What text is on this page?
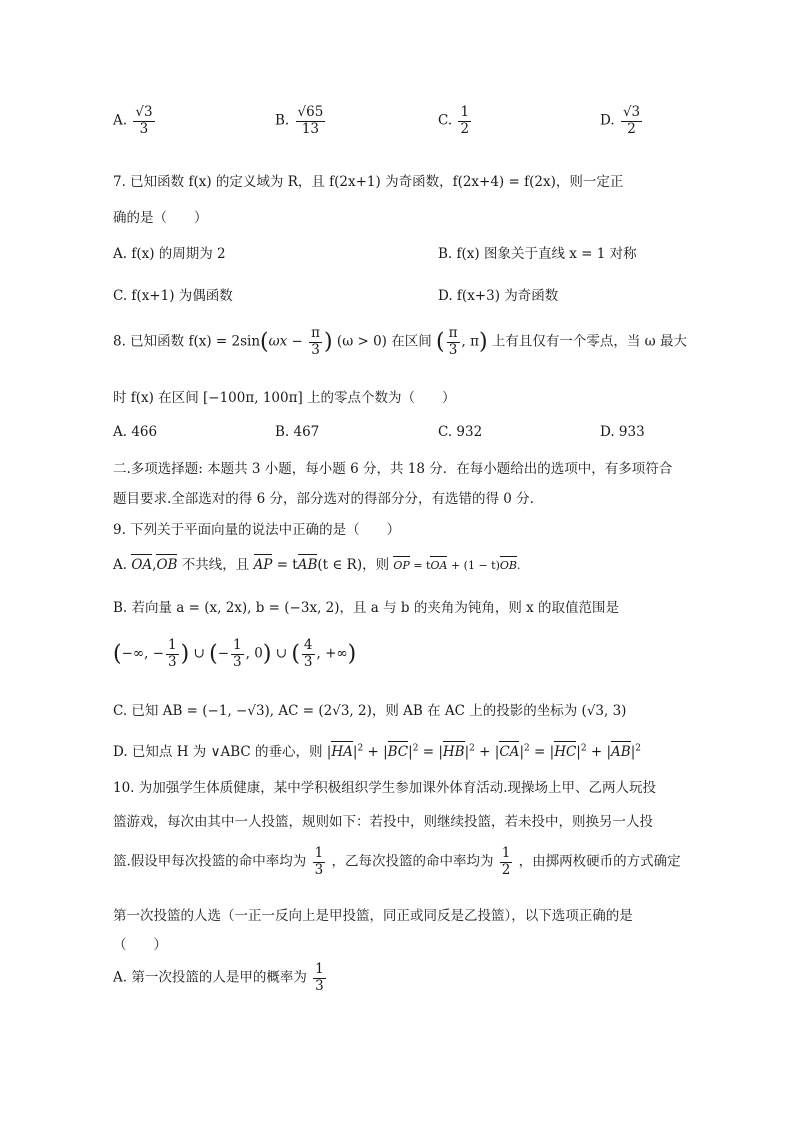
A. $\frac{√3}{3}$	B. $\frac{√65}{13}$	C. $\frac{1}{2}$	D. $\frac{√3}{2}$
7. 已知函数 f(x) 的定义域为 R，且 f(2x+1) 为奇函数，f(2x+4) = f(2x)，则一定正
确的是（　　）
A. f(x) 的周期为 2	B. f(x) 图象关于直线 x = 1 对称
C. f(x+1) 为偶函数	D. f(x+3) 为奇函数
8. 已知函数 $f(x) = 2\sin(\omega x - \frac{\pi}{3}$ ) (ω > 0) 在区间 ( $\frac{\pi}{3}$ , π) 上有且仅有一个零点，当 ω 最大
时 f(x) 在区间 [−100π, 100π] 上的零点个数为（　　）
A. 466	B. 467	C. 932	D. 933
二.多项选择题: 本题共 3 小题，每小题 6 分，共 18 分．在每小题给出的选项中，有多项符合
题目要求.全部选对的得 6 分，部分选对的得部分分，有选错的得 0 分.
9. 下列关于平面向量的说法中正确的是（　　）
A. OA,OB 不共线，且 AP = tAB(t ∈ R)，则 OP = tOA + (1 − t)OB.
B. 若向量 a = (x, 2x), b = (−3x, 2)，且 a 与 b 的夹角为钝角，则 x 的取值范围是
(−∞, − $\frac{1}{3}$ ) ∪ (− $\frac{1}{3}$ , 0) ∪ ( $\frac{4}{3}$ , +∞)
C. 已知 AB = (−1, −√3), AC = (2√3, 2)，则 AB 在 AC 上的投影的坐标为 (√3, 3)
D. 已知点 H 为 ∨ABC 的垂心，则 $|HA|^2 + |BC|^2 = |HB|^2 + |CA|^2 = |HC|^2 + |AB|^2$
10. 为加强学生体质健康，某中学积极组织学生参加课外体育活动.现操场上甲、乙两人玩投
篮游戏，每次由其中一人投篮，规则如下：若投中，则继续投篮，若未投中，则换另一人投
篮.假设甲每次投篮的命中率均为 $\frac{1}{3}$ ，乙每次投篮的命中率均为 $\frac{1}{2}$ ，由掷两枚硬币的方式确定
第一次投篮的人选（一正一反向上是甲投篮，同正或同反是乙投篮），以下选项正确的是
（　　）
A. 第一次投篮的人是甲的概率为 $\frac{1}{3}$
